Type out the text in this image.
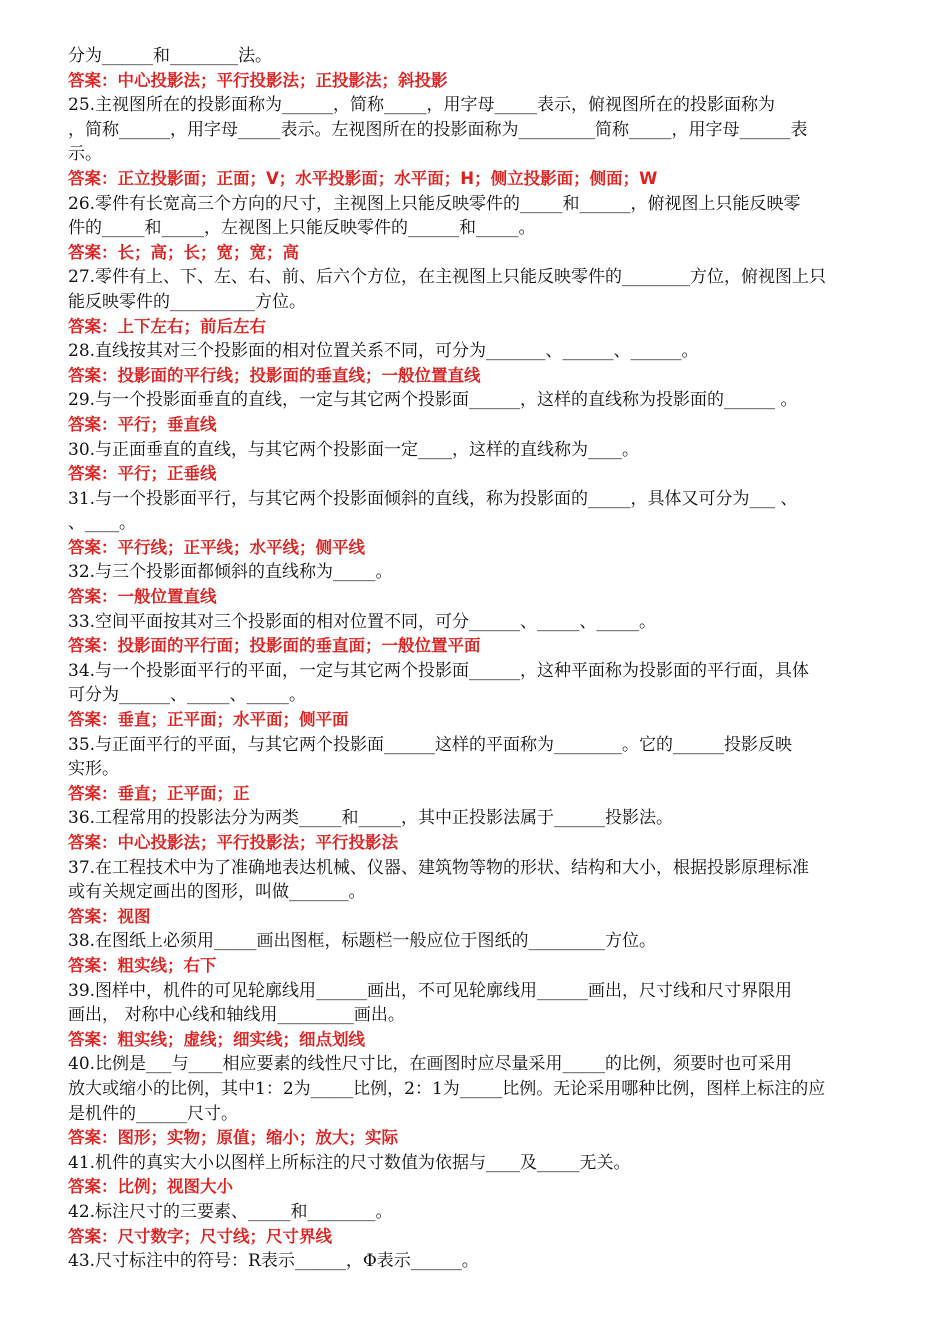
分为______和________法。
答案：中心投影法；平行投影法；正投影法；斜投影
25.主视图所在的投影面称为______，简称_____，用字母_____表示，俯视图所在的投影面称为
，简称______，用字母_____表示。左视图所在的投影面称为_________简称_____，用字母______表
示。
答案：正立投影面；正面；V；水平投影面；水平面；H；侧立投影面；侧面；W
26.零件有长宽高三个方向的尺寸，主视图上只能反映零件的_____和______，俯视图上只能反映零
件的_____和_____，左视图上只能反映零件的______和_____。
答案：长；高；长；宽；宽；高
27.零件有上、下、左、右、前、后六个方位，在主视图上只能反映零件的________方位，俯视图上只
能反映零件的__________方位。
答案：上下左右；前后左右
28.直线按其对三个投影面的相对位置关系不同，可分为_______、______、______。
答案：投影面的平行线；投影面的垂直线；一般位置直线
29.与一个投影面垂直的直线，一定与其它两个投影面______，这样的直线称为投影面的______ 。
答案：平行；垂直线
30.与正面垂直的直线，与其它两个投影面一定____，这样的直线称为____。
答案：平行；正垂线
31.与一个投影面平行，与其它两个投影面倾斜的直线，称为投影面的_____，具体又可分为___ 、
、____。
答案：平行线；正平线；水平线；侧平线
32.与三个投影面都倾斜的直线称为_____。
答案：一般位置直线
33.空间平面按其对三个投影面的相对位置不同，可分______、_____、_____。
答案：投影面的平行面；投影面的垂直面；一般位置平面
34.与一个投影面平行的平面，一定与其它两个投影面______，这种平面称为投影面的平行面，具体
可分为______、_____、_____。
答案：垂直；正平面；水平面；侧平面
35.与正面平行的平面，与其它两个投影面______这样的平面称为________。它的______投影反映
实形。
答案：垂直；正平面；正
36.工程常用的投影法分为两类_____和_____，其中正投影法属于______投影法。
答案：中心投影法；平行投影法；平行投影法
37.在工程技术中为了准确地表达机械、仪器、建筑物等物的形状、结构和大小，根据投影原理标准
或有关规定画出的图形，叫做_______。
答案：视图
38.在图纸上必须用_____画出图框，标题栏一般应位于图纸的_________方位。
答案：粗实线；右下
39.图样中，机件的可见轮廓线用______画出，不可见轮廓线用______画出，尺寸线和尺寸界限用
画出， 对称中心线和轴线用_________画出。
答案：粗实线；虚线；细实线；细点划线
40.比例是___与____相应要素的线性尺寸比，在画图时应尽量采用_____的比例，须要时也可采用
放大或缩小的比例，其中1：2为_____比例，2：1为_____比例。无论采用哪种比例，图样上标注的应
是机件的______尺寸。
答案：图形；实物；原值；缩小；放大；实际
41.机件的真实大小以图样上所标注的尺寸数值为依据与____及_____无关。
答案：比例；视图大小
42.标注尺寸的三要素、_____和________。
答案：尺寸数字；尺寸线；尺寸界线
43.尺寸标注中的符号：R表示______，Φ表示______。
